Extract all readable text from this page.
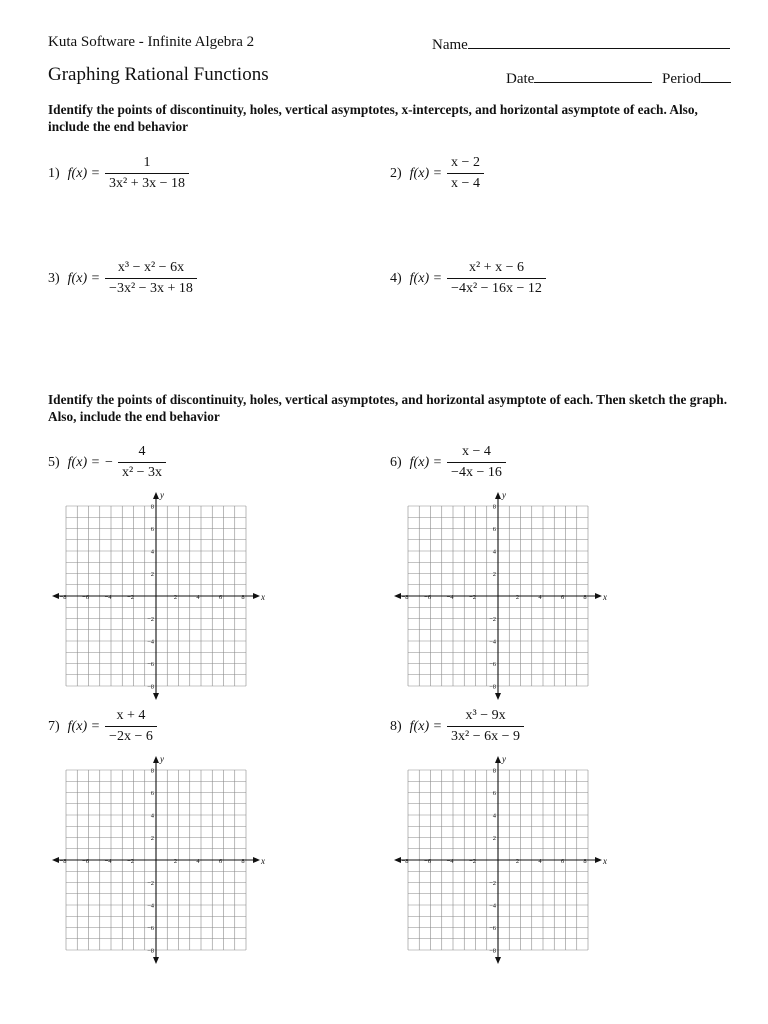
Kuta Software - Infinite Algebra 2	Name
Graphing Rational Functions	Date	Period
Identify the points of discontinuity, holes, vertical asymptotes, x-intercepts, and horizontal asymptote of each. Also, include the end behavior
1) $f(x) = \frac{1}{\text{3x² + 3x − 18}}$	2) $f(x) = \frac{x - 2}{x - 4}$
3) $f(x) = \frac{\text{x³ − x² − 6x}}{\text{−3x² − 3x + 18}}$	4) $f(x) = \frac{\text{x² + x − 6}}{\text{−4x² − 16x − 12}}$
Identify the points of discontinuity, holes, vertical asymptotes, and horizontal asymptote of each. Then sketch the graph. Also, include the end behavior
5) f(x) = − $\frac{4}{\text{x² − 3x}}$	6) $f(x) = \frac{x - 4}{-4x - 16}$
7) $f(x) = \frac{x + 4}{-2x - 6}$	8) $f(x) = \frac{\text{x³ − 9x}}{\text{3x² − 6x − 9}}$
−8 −6 −4 −2	2	4	6	8
8
6
4
2
−2
−4
−6
−8
x
y
−8 −6 −4 −2	2	4	6	8
8
6
4
2
−2
−4
−6
−8
x
y
−8 −6 −4 −2	2	4	6	8
8
6
4
2
−2
−4
−6
−8
x
y
−8 −6 −4 −2	2	4	6	8
8
6
4
2
−2
−4
−6
−8
x
y
